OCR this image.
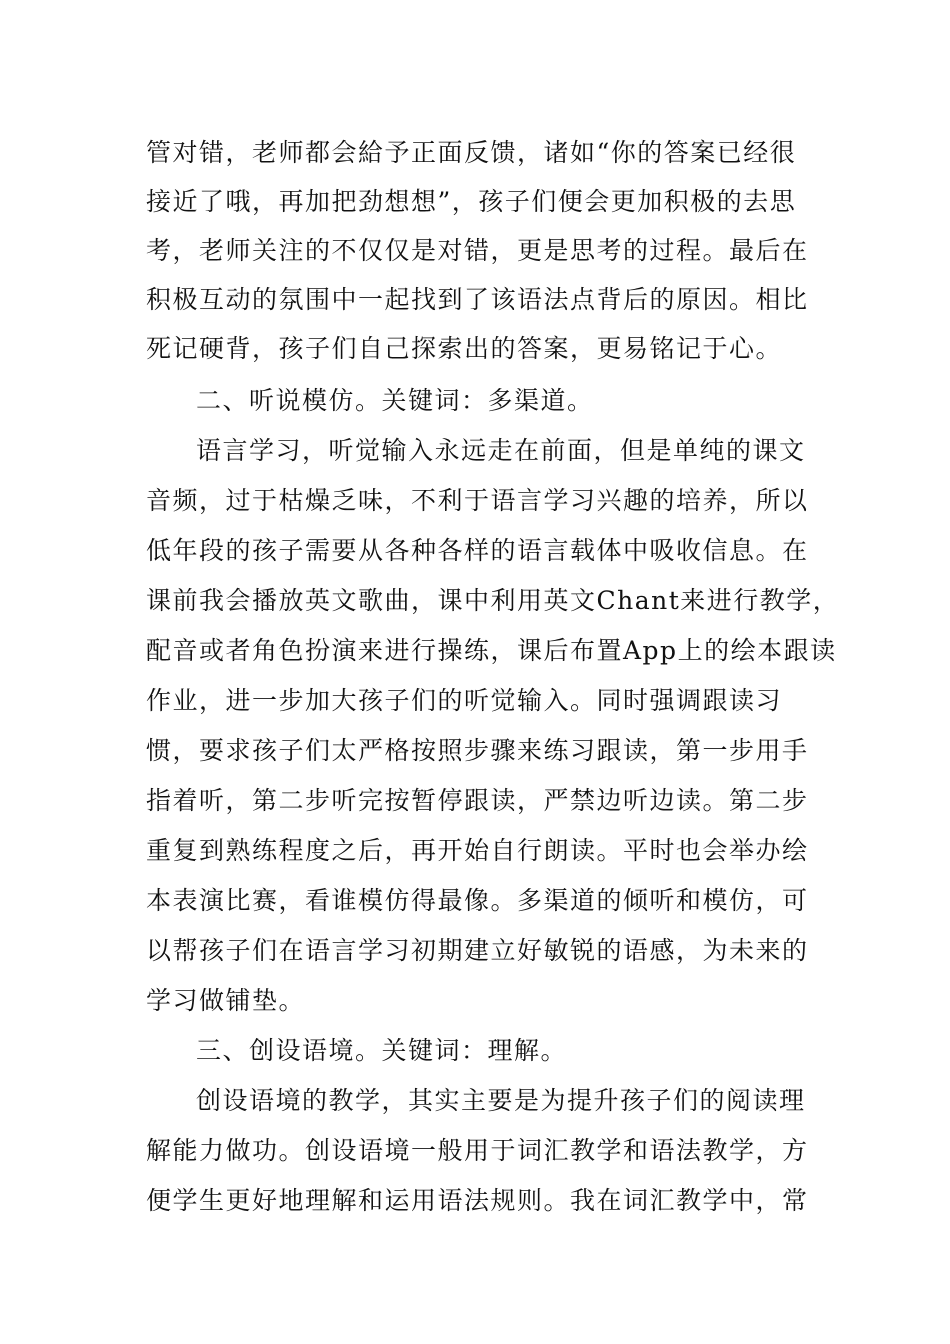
管对错，老师都会給予正面反馈，诸如“你的答案已经很
接近了哦，再加把劲想想”，孩子们便会更加积极的去思
考，老师关注的不仅仅是对错，更是思考的过程。最后在
积极互动的氛围中一起找到了该语法点背后的原因。相比
死记硬背，孩子们自己探索出的答案，更易铭记于心。
二、听说模仿。关键词：多渠道。
语言学习，听觉输入永远走在前面，但是单纯的课文
音频，过于枯燥乏味，不利于语言学习兴趣的培养，所以
低年段的孩子需要从各种各样的语言载体中吸收信息。在
课前我会播放英文歌曲，课中利用英文Chant来进行教学，
配音或者角色扮演来进行操练，课后布置App上的绘本跟读
作业，进一步加大孩子们的听觉输入。同时强调跟读习
惯，要求孩子们太严格按照步骤来练习跟读，第一步用手
指着听，第二步听完按暂停跟读，严禁边听边读。第二步
重复到熟练程度之后，再开始自行朗读。平时也会举办绘
本表演比赛，看谁模仿得最像。多渠道的倾听和模仿，可
以帮孩子们在语言学习初期建立好敏锐的语感，为未来的
学习做铺垫。
三、创设语境。关键词：理解。
创设语境的教学，其实主要是为提升孩子们的阅读理
解能力做功。创设语境一般用于词汇教学和语法教学，方
便学生更好地理解和运用语法规则。我在词汇教学中，常
